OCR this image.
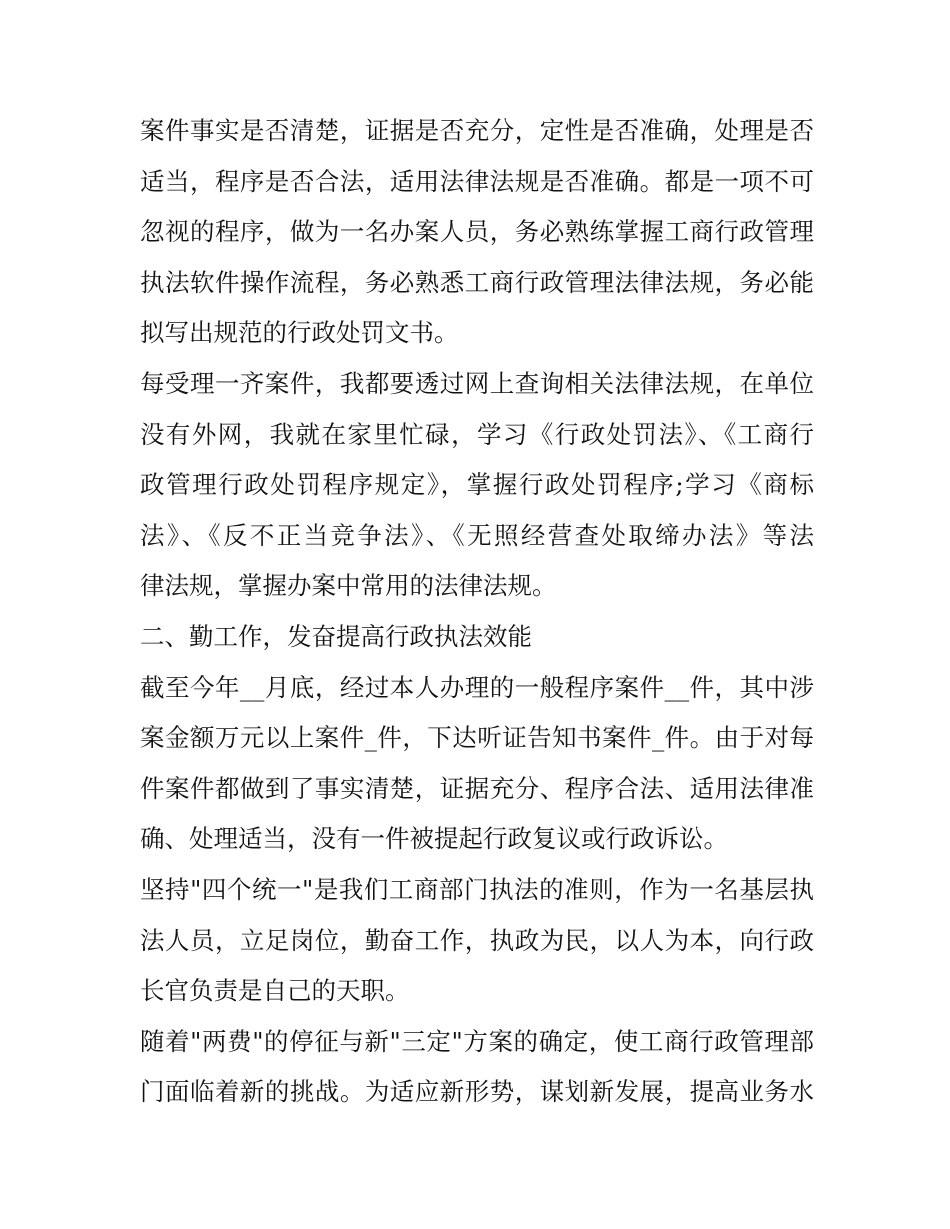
案件事实是否清楚，证据是否充分，定性是否准确，处理是否
适当，程序是否合法，适用法律法规是否准确。都是一项不可
忽视的程序，做为一名办案人员，务必熟练掌握工商行政管理
执法软件操作流程，务必熟悉工商行政管理法律法规，务必能
拟写出规范的行政处罚文书。
每受理一齐案件，我都要透过网上查询相关法律法规，在单位
没有外网，我就在家里忙碌，学习《行政处罚法》、《工商行
政管理行政处罚程序规定》，掌握行政处罚程序;学习《商标
法》、《反不正当竞争法》、《无照经营查处取缔办法》等法
律法规，掌握办案中常用的法律法规。
二、勤工作，发奋提高行政执法效能
截至今年__月底，经过本人办理的一般程序案件__件，其中涉
案金额万元以上案件_件，下达听证告知书案件_件。由于对每
件案件都做到了事实清楚，证据充分、程序合法、适用法律准
确、处理适当，没有一件被提起行政复议或行政诉讼。
坚持"四个统一"是我们工商部门执法的准则，作为一名基层执
法人员，立足岗位，勤奋工作，执政为民，以人为本，向行政
长官负责是自己的天职。
随着"两费"的停征与新"三定"方案的确定，使工商行政管理部
门面临着新的挑战。为适应新形势，谋划新发展，提高业务水
